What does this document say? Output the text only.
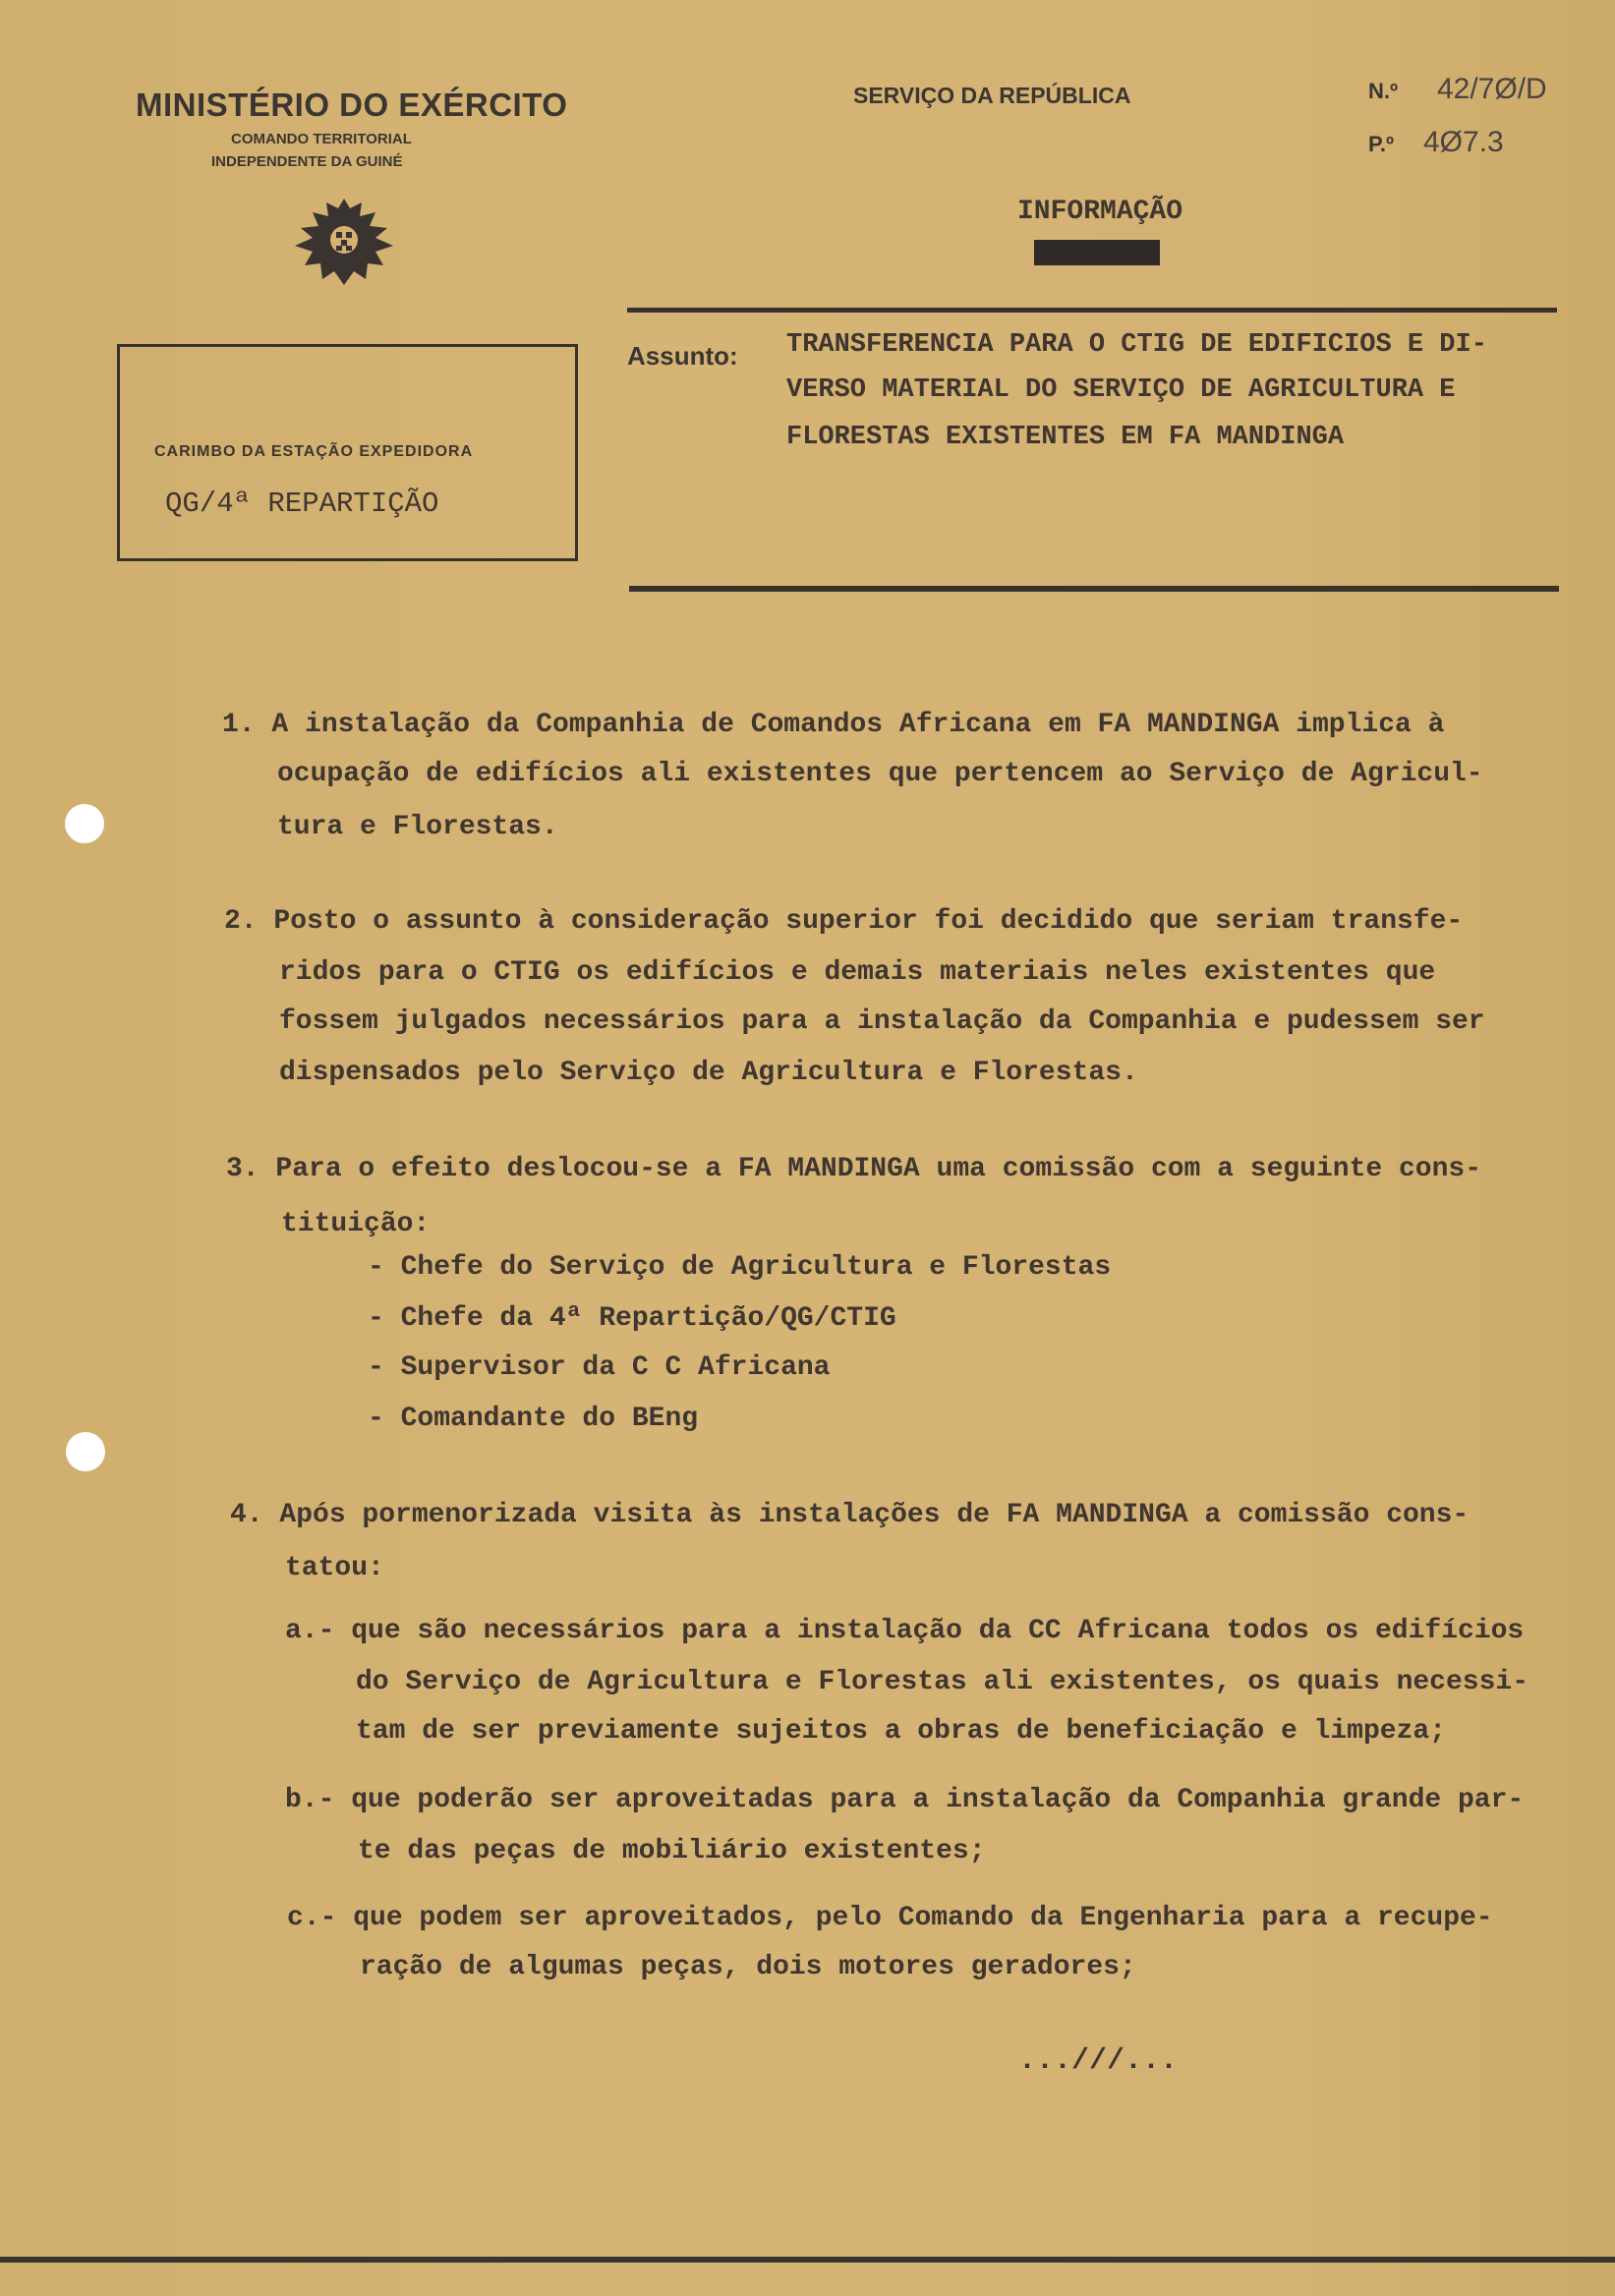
MINISTÉRIO DO EXÉRCITO
COMANDO TERRITORIAL
INDEPENDENTE DA GUINÉ
SERVIÇO DA REPÚBLICA	N.º 42/7Ø/D
P.º 4Ø7.3
INFORMAÇÃO
CARIMBO DA ESTAÇÃO EXPEDIDORA
QG/4ª REPARTIÇÃO
Assunto: TRANSFERENCIA PARA O CTIG DE EDIFICIOS E DI-
VERSO MATERIAL DO SERVIÇO DE AGRICULTURA E
FLORESTAS EXISTENTES EM FA MANDINGA
1. A instalação da Companhia de Comandos Africana em FA MANDINGA implica à
ocupação de edifícios ali existentes que pertencem ao Serviço de Agricul-
tura e Florestas.
2. Posto o assunto à consideração superior foi decidido que seriam transfe-
ridos para o CTIG os edifícios e demais materiais neles existentes que
fossem julgados necessários para a instalação da Companhia e pudessem ser
dispensados pelo Serviço de Agricultura e Florestas.
3. Para o efeito deslocou-se a FA MANDINGA uma comissão com a seguinte cons-
tituição:
- Chefe do Serviço de Agricultura e Florestas
- Chefe da 4ª Repartição/QG/CTIG
- Supervisor da C C Africana
- Comandante do BEng
4. Após pormenorizada visita às instalações de FA MANDINGA a comissão cons-
tatou:
a.- que são necessários para a instalação da CC Africana todos os edifícios
do Serviço de Agricultura e Florestas ali existentes, os quais necessi-
tam de ser previamente sujeitos a obras de beneficiação e limpeza;
b.- que poderão ser aproveitadas para a instalação da Companhia grande par-
te das peças de mobiliário existentes;
c.- que podem ser aproveitados, pelo Comando da Engenharia para a recupe-
ração de algumas peças, dois motores geradores;
...///...
